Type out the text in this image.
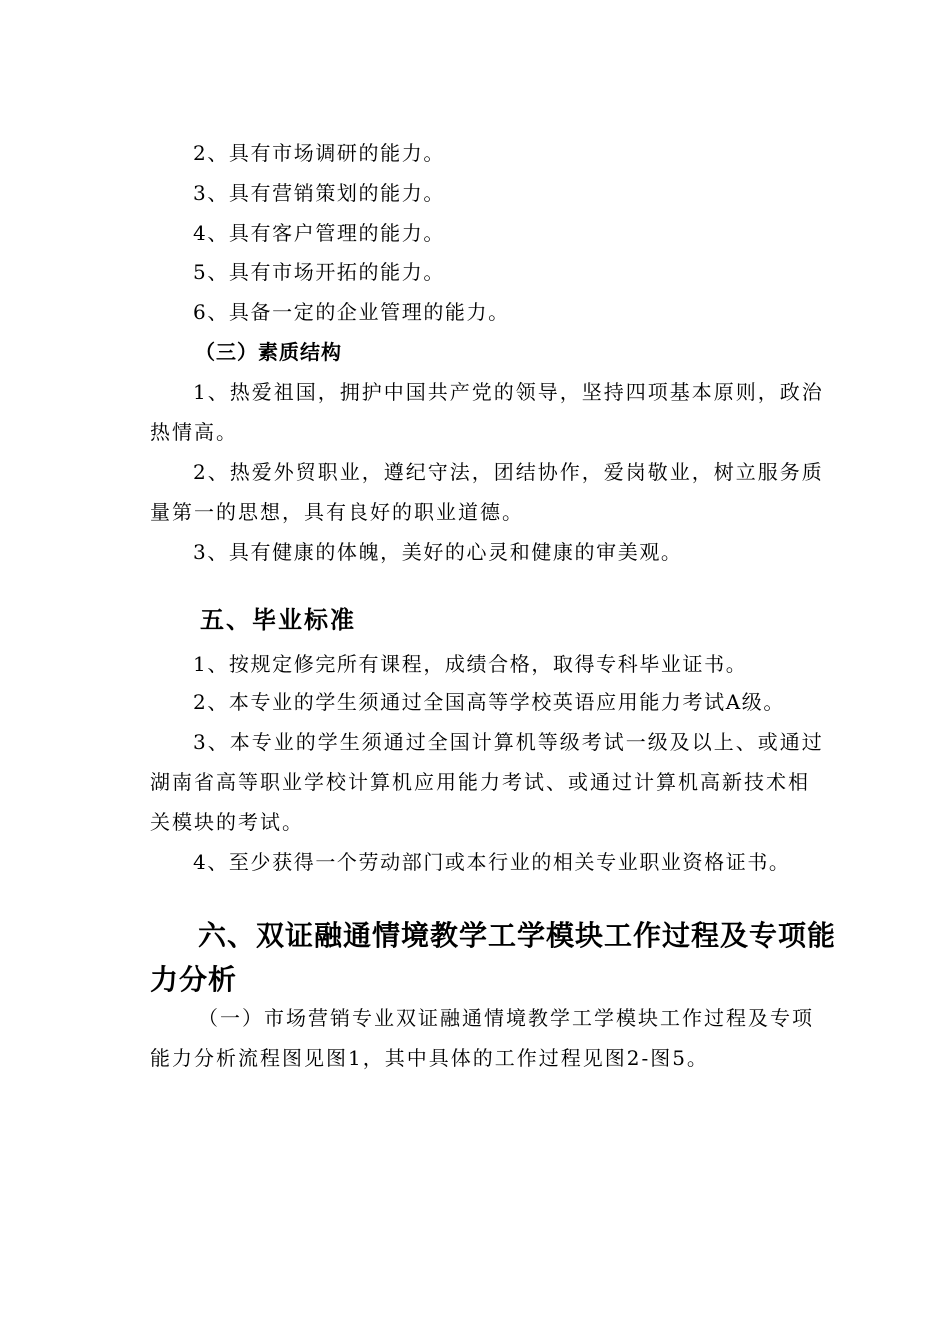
2、具有市场调研的能力。
3、具有营销策划的能力。
4、具有客户管理的能力。
5、具有市场开拓的能力。
6、具备一定的企业管理的能力。
（三）素质结构
1、热爱祖国，拥护中国共产党的领导，坚持四项基本原则，政治热情高。
2、热爱外贸职业，遵纪守法，团结协作，爱岗敬业，树立服务质量第一的思想，具有良好的职业道德。
3、具有健康的体魄，美好的心灵和健康的审美观。
五、毕业标准
1、按规定修完所有课程，成绩合格，取得专科毕业证书。
2、本专业的学生须通过全国高等学校英语应用能力考试A级。
3、本专业的学生须通过全国计算机等级考试一级及以上、或通过湖南省高等职业学校计算机应用能力考试、或通过计算机高新技术相关模块的考试。
4、至少获得一个劳动部门或本行业的相关专业职业资格证书。
六、双证融通情境教学工学模块工作过程及专项能力分析
（一）市场营销专业双证融通情境教学工学模块工作过程及专项能力分析流程图见图1，其中具体的工作过程见图2-图5。
